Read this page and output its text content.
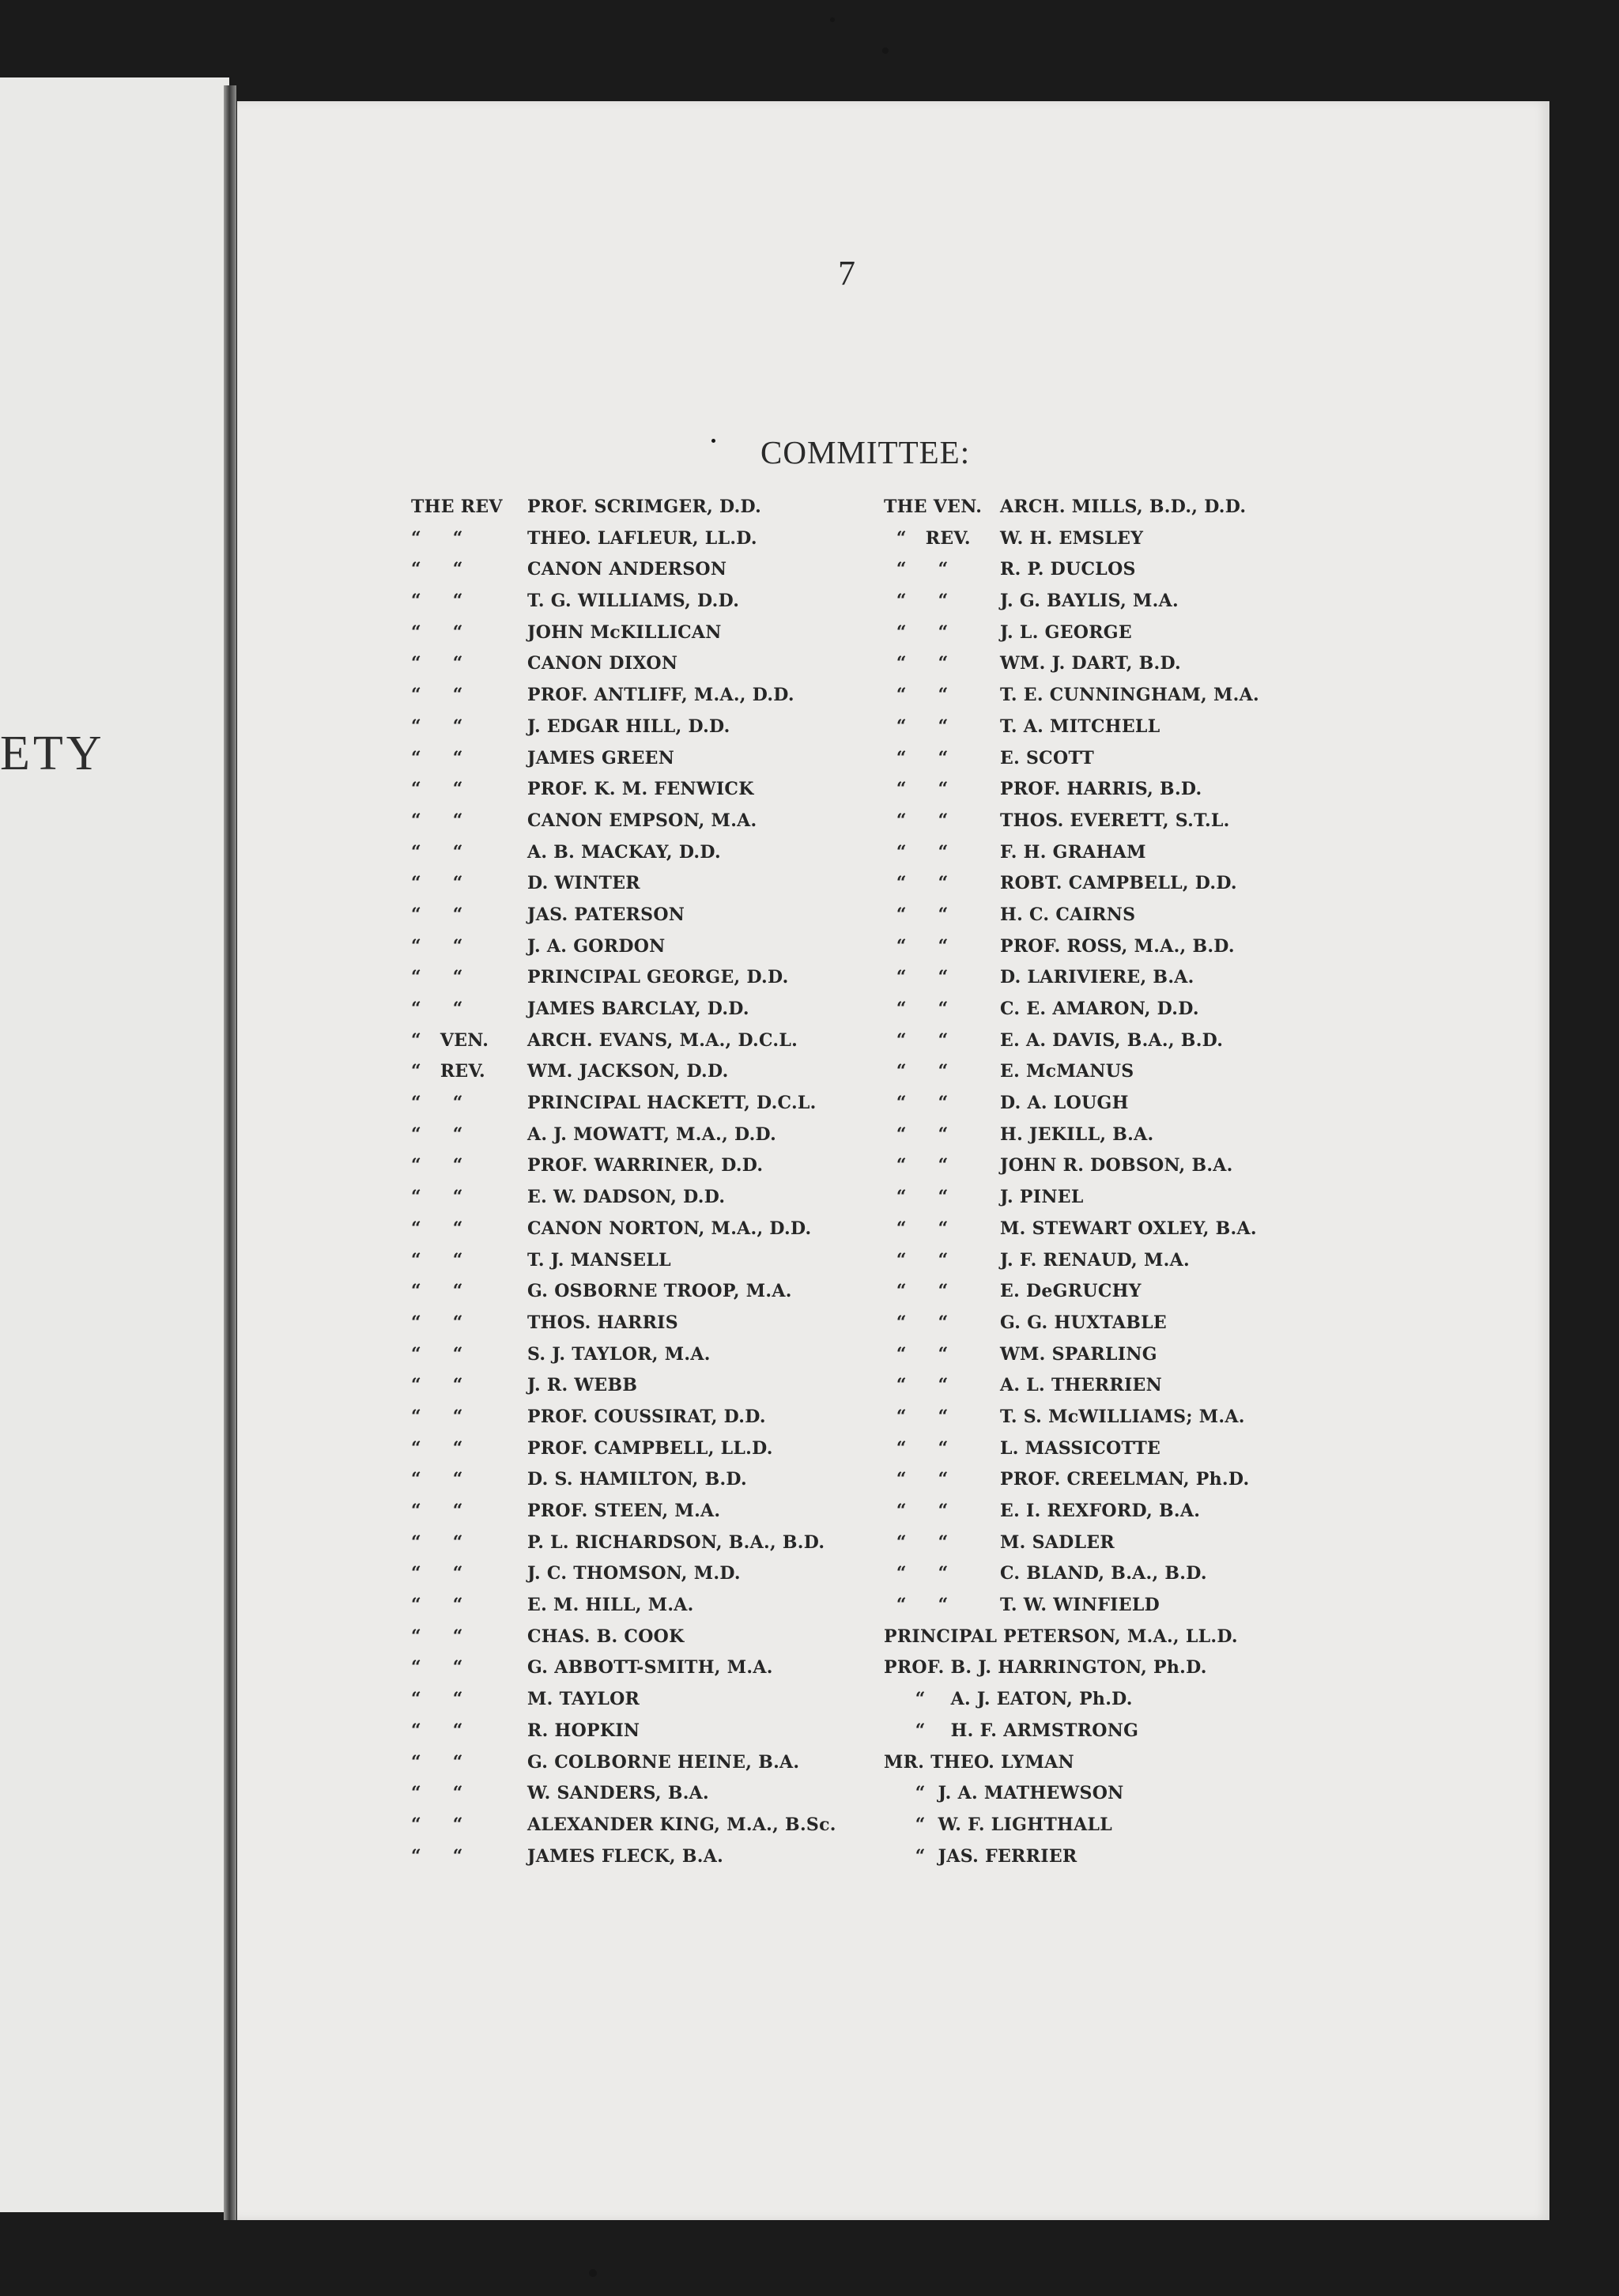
ETY
7
COMMITTEE:
THE REV PROF. SCRIMGER, D.D.
“     “	THEO. LAFLEUR, LL.D.
“     “	CANON ANDERSON
“     “	T. G. WILLIAMS, D.D.
“     “	JOHN McKILLICAN
“     “	CANON DIXON
“     “	PROF. ANTLIFF, M.A., D.D.
“     “	J. EDGAR HILL, D.D.
“     “	JAMES GREEN
“     “	PROF. K. M. FENWICK
“     “	CANON EMPSON, M.A.
“     “	A. B. MACKAY, D.D.
“     “	D. WINTER
“     “	JAS. PATERSON
“     “	J. A. GORDON
“     “	PRINCIPAL GEORGE, D.D.
“     “	JAMES BARCLAY, D.D.
“   VEN. ARCH. EVANS, M.A., D.C.L.
“   REV. WM. JACKSON, D.D.
“     “	PRINCIPAL HACKETT, D.C.L.
“     “	A. J. MOWATT, M.A., D.D.
“     “	PROF. WARRINER, D.D.
“     “	E. W. DADSON, D.D.
“     “	CANON NORTON, M.A., D.D.
“     “	T. J. MANSELL
“     “	G. OSBORNE TROOP, M.A.
“     “	THOS. HARRIS
“     “	S. J. TAYLOR, M.A.
“     “	J. R. WEBB
“     “	PROF. COUSSIRAT, D.D.
“     “	PROF. CAMPBELL, LL.D.
“     “	D. S. HAMILTON, B.D.
“     “	PROF. STEEN, M.A.
“     “	P. L. RICHARDSON, B.A., B.D.
“     “	J. C. THOMSON, M.D.
“     “	E. M. HILL, M.A.
“     “	CHAS. B. COOK
“     “	G. ABBOTT-SMITH, M.A.
“     “	M. TAYLOR
“     “	R. HOPKIN
“     “	G. COLBORNE HEINE, B.A.
“     “	W. SANDERS, B.A.
“     “	ALEXANDER KING, M.A., B.Sc.
“     “	JAMES FLECK, B.A.
THE VEN. ARCH. MILLS, B.D., D.D.
“   REV. W. H. EMSLEY
“     “	R. P. DUCLOS
“     “	J. G. BAYLIS, M.A.
“     “	J. L. GEORGE
“     “	WM. J. DART, B.D.
“     “	T. E. CUNNINGHAM, M.A.
“     “	T. A. MITCHELL
“     “	E. SCOTT
“     “	PROF. HARRIS, B.D.
“     “	THOS. EVERETT, S.T.L.
“     “	F. H. GRAHAM
“     “	ROBT. CAMPBELL, D.D.
“     “	H. C. CAIRNS
“     “	PROF. ROSS, M.A., B.D.
“     “	D. LARIVIERE, B.A.
“     “	C. E. AMARON, D.D.
“     “	E. A. DAVIS, B.A., B.D.
“     “	E. McMANUS
“     “	D. A. LOUGH
“     “	H. JEKILL, B.A.
“     “	JOHN R. DOBSON, B.A.
“     “	J. PINEL
“     “	M. STEWART OXLEY, B.A.
“     “	J. F. RENAUD, M.A.
“     “	E. DeGRUCHY
“     “	G. G. HUXTABLE
“     “	WM. SPARLING
“     “	A. L. THERRIEN
“     “	T. S. McWILLIAMS; M.A.
“     “	L. MASSICOTTE
“     “	PROF. CREELMAN, Ph.D.
“     “	E. I. REXFORD, B.A.
“     “	M. SADLER
“     “	C. BLAND, B.A., B.D.
“     “	T. W. WINFIELD
PRINCIPAL PETERSON, M.A., LL.D.
PROF. B. J. HARRINGTON, Ph.D.
“    A. J. EATON, Ph.D.
“    H. F. ARMSTRONG
MR. THEO. LYMAN
“  J. A. MATHEWSON
“  W. F. LIGHTHALL
“  JAS. FERRIER
